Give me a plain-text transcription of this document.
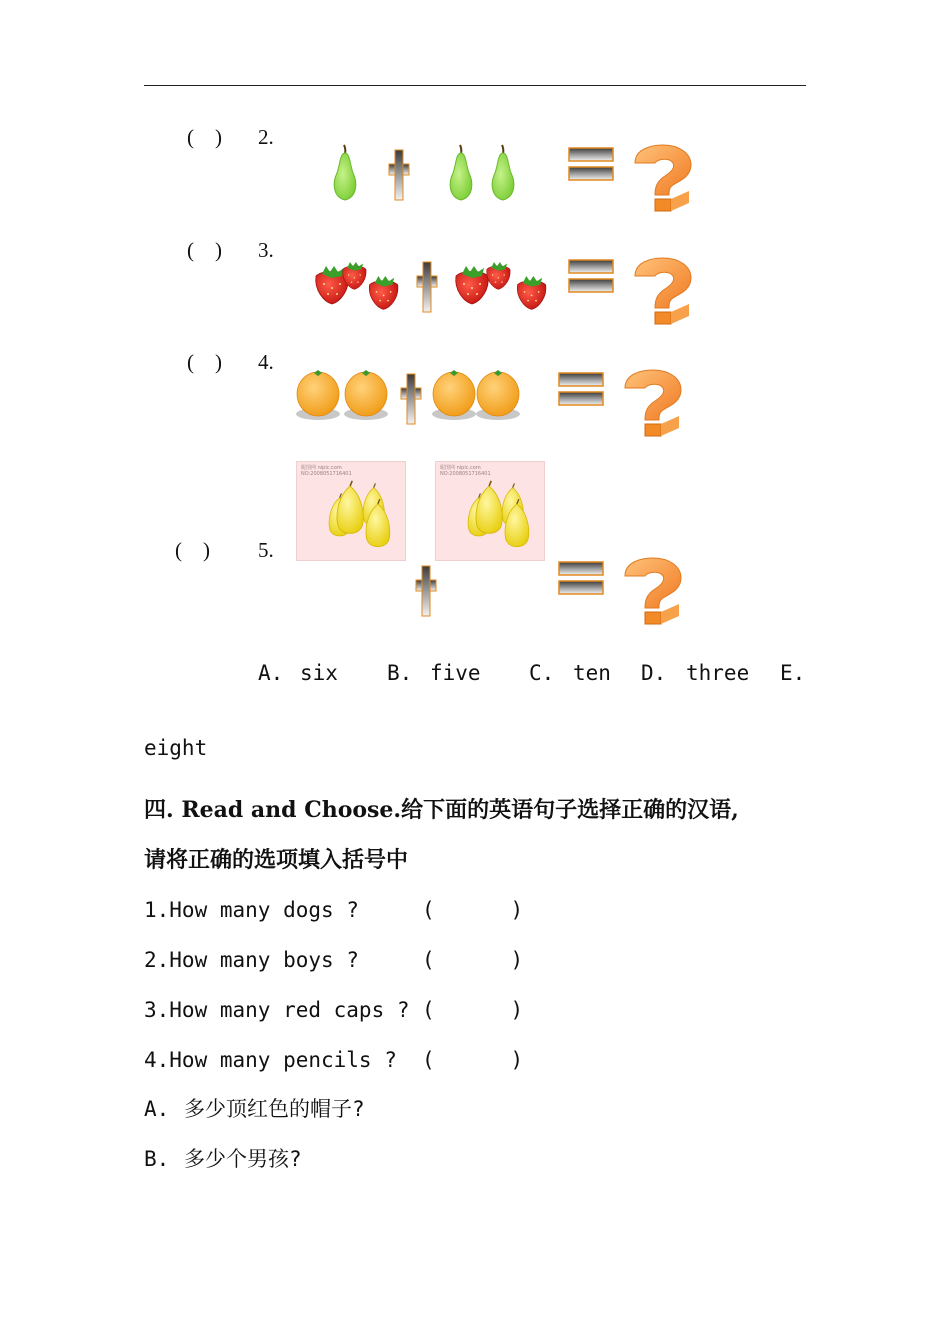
(    ) 2.
(    ) 3.
(    ) 4.
昵图网 nipic.com
NO:2008051716401
昵图网 nipic.com
NO:2008051716401
(    ) 5.
A. six B. five C. ten D. three E.
eight
四. Read and Choose.给下面的英语句子选择正确的汉语,
请将正确的选项填入括号中
1.How many dogs ?	(      )
2.How many boys ?	(      )
3.How many red caps ? (      )
4.How many pencils ? (      )
A. 多少顶红色的帽子?
B. 多少个男孩?
